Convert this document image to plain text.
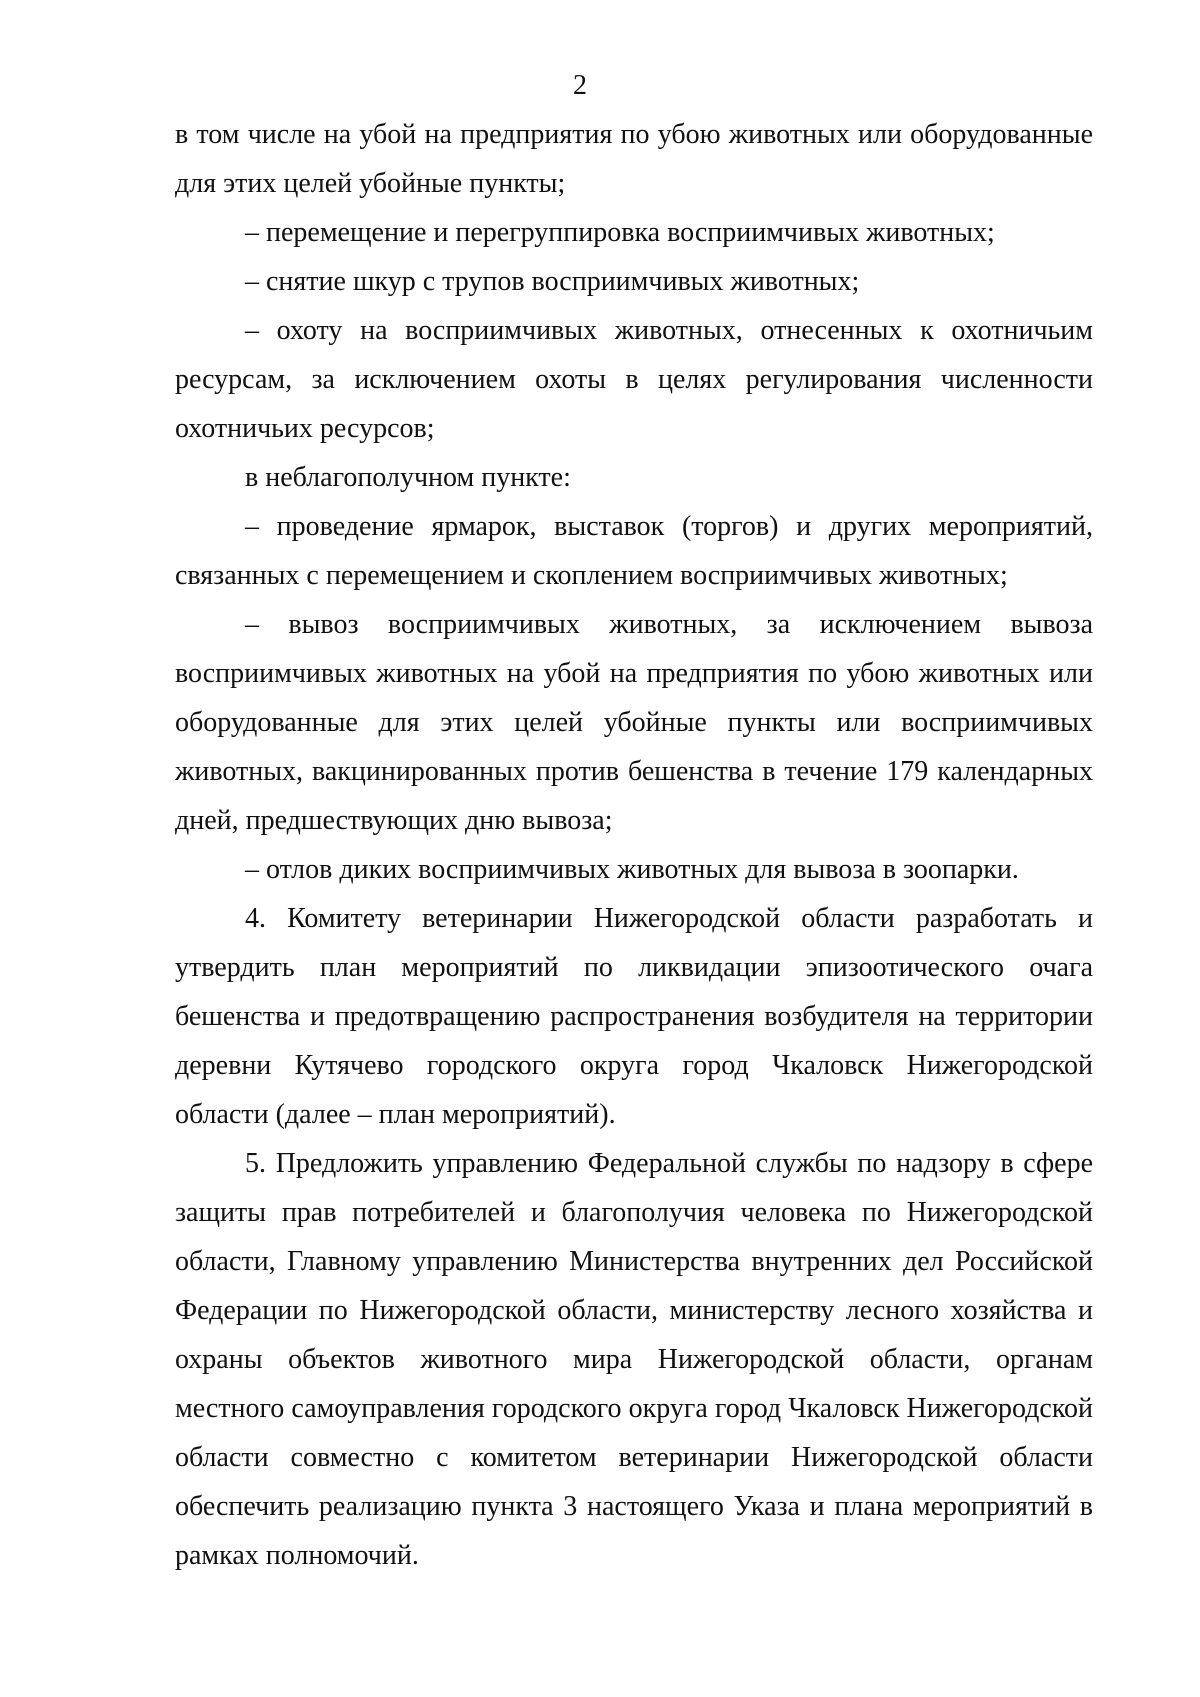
2

в том числе на убой на предприятия по убою животных или оборудованные для этих целей убойные пункты;

– перемещение и перегруппировка восприимчивых животных;

– снятие шкур с трупов восприимчивых животных;

– охоту на восприимчивых животных, отнесенных к охотничьим ресурсам, за исключением охоты в целях регулирования численности охотничьих ресурсов;

в неблагополучном пункте:

– проведение ярмарок, выставок (торгов) и других мероприятий, связанных с перемещением и скоплением восприимчивых животных;

– вывоз восприимчивых животных, за исключением вывоза восприимчивых животных на убой на предприятия по убою животных или оборудованные для этих целей убойные пункты или восприимчивых животных, вакцинированных против бешенства в течение 179 календарных дней, предшествующих дню вывоза;

– отлов диких восприимчивых животных для вывоза в зоопарки.

4. Комитету ветеринарии Нижегородской области разработать и утвердить план мероприятий по ликвидации эпизоотического очага бешенства и предотвращению распространения возбудителя на территории деревни Кутячево городского округа город Чкаловск Нижегородской области (далее – план мероприятий).

5. Предложить управлению Федеральной службы по надзору в сфере защиты прав потребителей и благополучия человека по Нижегородской области, Главному управлению Министерства внутренних дел Российской Федерации по Нижегородской области, министерству лесного хозяйства и охраны объектов животного мира Нижегородской области, органам местного самоуправления городского округа город Чкаловск Нижегородской области совместно с комитетом ветеринарии Нижегородской области обеспечить реализацию пункта 3 настоящего Указа и плана мероприятий в рамках полномочий.
